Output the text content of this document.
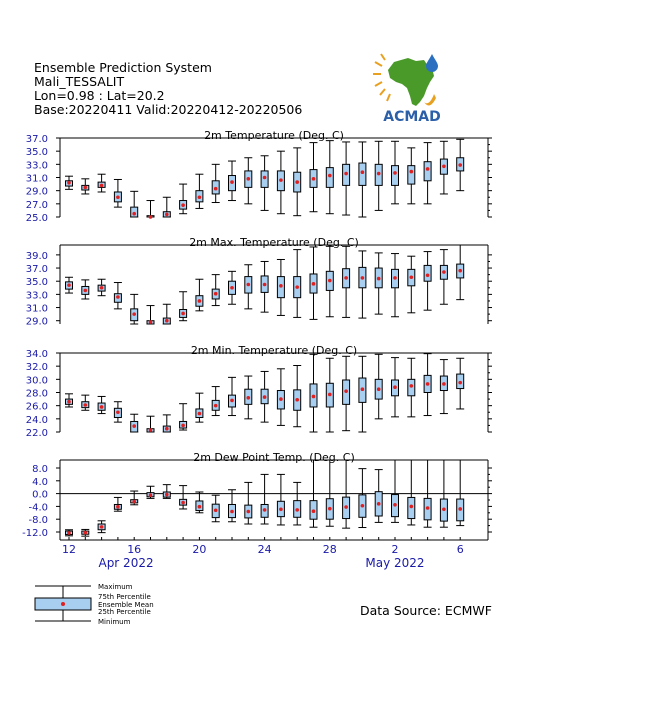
Ensemble Prediction System
Mali_TESSALIT
Lon=0.98 : Lat=20.2
Base:20220411 Valid:20220412-20220506	ACMAD
2m Temperature (Deg. C)
37.0
35.0
33.0
31.0
29.0
27.0
25.0
2m Max. Temperature (Deg. C)
39.0
37.0
35.0
33.0
31.0
29.0
2m Min. Temperature (Deg. C)
34.0
32.0
30.0
28.0
26.0
24.0
22.0
2m Dew Point Temp. (Deg. C)
8.0
4.0
0.0
-4.0
-8.0
-12.0
12	16	20	24	28	2	6
Apr 2022	May 2022
Maximum
75th Percentile
Ensemble Mean
25th Percentile
Minimum
Data Source: ECMWF
